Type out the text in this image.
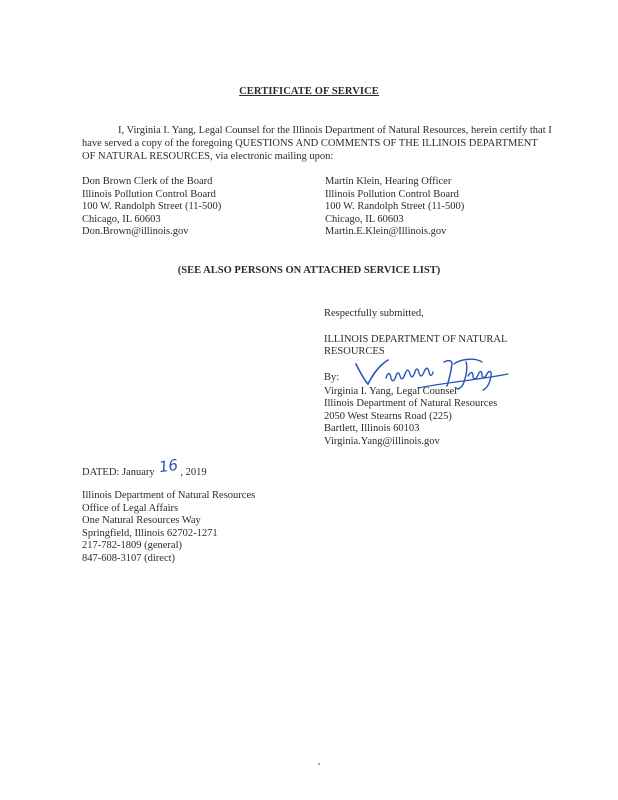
CERTIFICATE OF SERVICE
I, Virginia I. Yang, Legal Counsel for the Illinois Department of Natural Resources, herein certify that I have served a copy of the foregoing QUESTIONS AND COMMENTS OF THE ILLINOIS DEPARTMENT OF NATURAL RESOURCES, via electronic mailing upon:
Don Brown Clerk of the Board
Illinois Pollution Control Board
100 W. Randolph Street (11-500)
Chicago, IL 60603
Don.Brown@illinois.gov
Martin Klein, Hearing Officer
Illinois Pollution Control Board
100 W. Randolph Street (11-500)
Chicago, IL 60603
Martin.E.Klein@Illinois.gov
(SEE ALSO PERSONS ON ATTACHED SERVICE LIST)
Respectfully submitted,
ILLINOIS DEPARTMENT OF NATURAL
RESOURCES
By:
Virginia I. Yang, Legal Counsel
Illinois Department of Natural Resources
2050 West Stearns Road (225)
Bartlett, Illinois 60103
Virginia.Yang@illinois.gov
DATED: January 16, 2019
Illinois Department of Natural Resources
Office of Legal Affairs
One Natural Resources Way
Springfield, Illinois 62702-1271
217-782-1809 (general)
847-608-3107 (direct)
